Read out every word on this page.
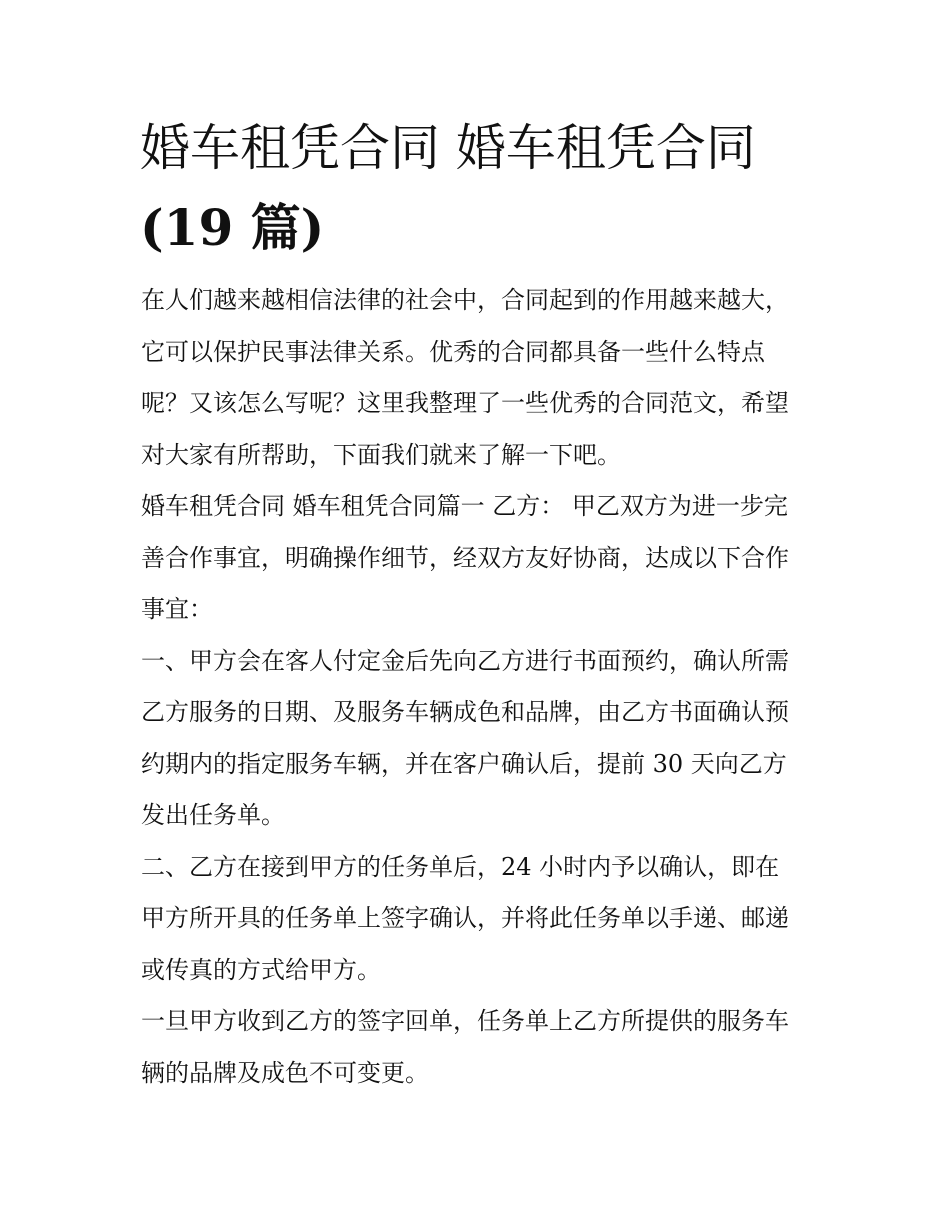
婚车租凭合同 婚车租凭合同
(19 篇)

在人们越来越相信法律的社会中，合同起到的作用越来越大，
它可以保护民事法律关系。优秀的合同都具备一些什么特点
呢？又该怎么写呢？这里我整理了一些优秀的合同范文，希望
对大家有所帮助，下面我们就来了解一下吧。

婚车租凭合同 婚车租凭合同篇一 乙方： 甲乙双方为进一步完
善合作事宜，明确操作细节，经双方友好协商，达成以下合作
事宜：

一、甲方会在客人付定金后先向乙方进行书面预约，确认所需
乙方服务的日期、及服务车辆成色和品牌，由乙方书面确认预
约期内的指定服务车辆，并在客户确认后，提前 30 天向乙方
发出任务单。

二、乙方在接到甲方的任务单后，24 小时内予以确认，即在
甲方所开具的任务单上签字确认，并将此任务单以手递、邮递
或传真的方式给甲方。

一旦甲方收到乙方的签字回单，任务单上乙方所提供的服务车
辆的品牌及成色不可变更。
